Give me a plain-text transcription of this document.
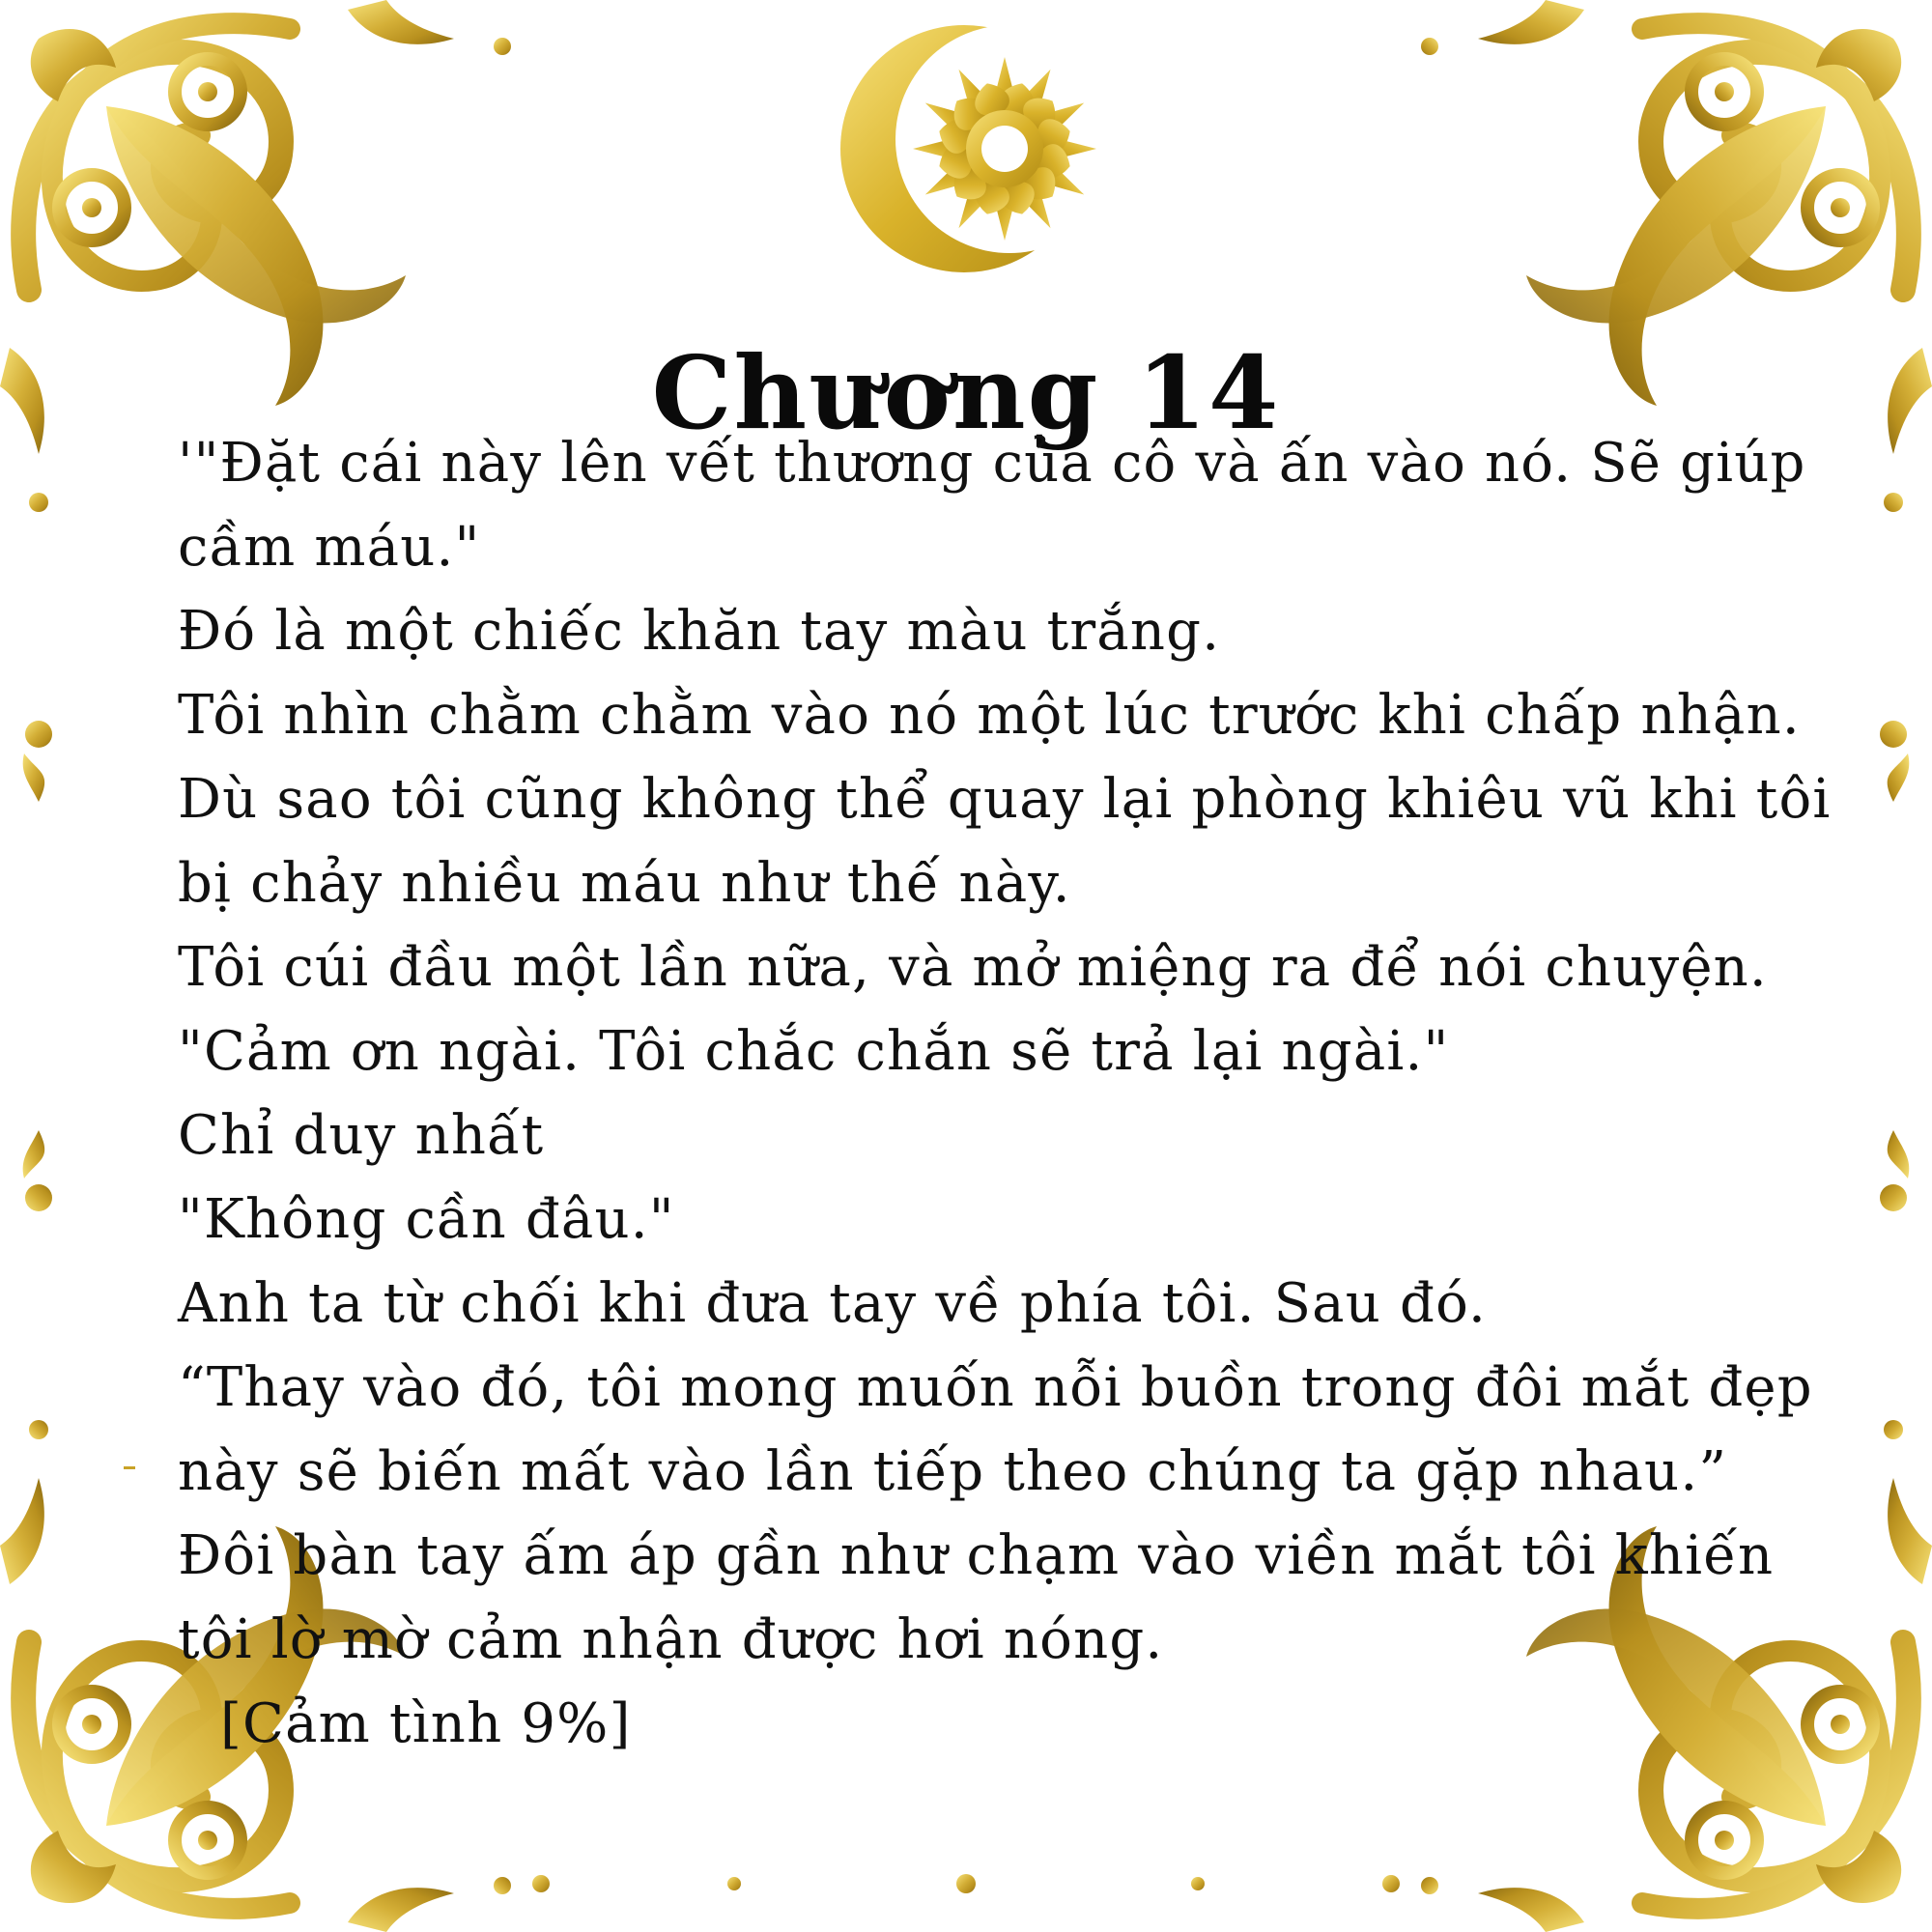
Chương 14
'"Đặt cái này lên vết thương của cô và ấn vào nó. Sẽ giúp
cầm máu."
Đó là một chiếc khăn tay màu trắng.
Tôi nhìn chằm chằm vào nó một lúc trước khi chấp nhận.
Dù sao tôi cũng không thể quay lại phòng khiêu vũ khi tôi
bị chảy nhiều máu như thế này.
Tôi cúi đầu một lần nữa, và mở miệng ra để nói chuyện.
"Cảm ơn ngài. Tôi chắc chắn sẽ trả lại ngài."
Chỉ duy nhất
"Không cần đâu."
Anh ta từ chối khi đưa tay về phía tôi. Sau đó.
“Thay vào đó, tôi mong muốn nỗi buồn trong đôi mắt đẹp
này sẽ biến mất vào lần tiếp theo chúng ta gặp nhau.”
Đôi bàn tay ấm áp gần như chạm vào viền mắt tôi khiến
tôi lờ mờ cảm nhận được hơi nóng.
[Cảm tình 9%]
